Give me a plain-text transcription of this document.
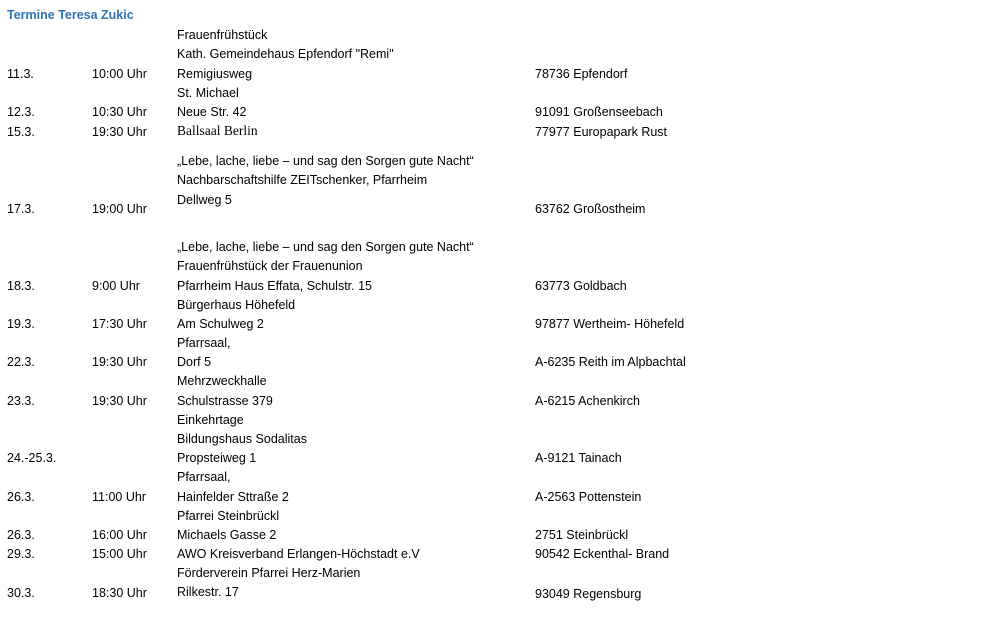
Termine Teresa Zukic
Frauenfrühstück
Kath. Gemeindehaus Epfendorf "Remi"
11.3.	10:00 Uhr Remigiusweg	78736 Epfendorf
St. Michael
12.3.	10:30 Uhr Neue Str. 42	91091 Großenseebach
15.3.	19:30 Uhr Ballsaal Berlin	77977 Europapark Rust
„Lebe, lache, liebe – und sag den Sorgen gute Nacht“
Nachbarschaftshilfe ZEITschenker, Pfarrheim
Dellweg 5
17.3.	19:00 Uhr	63762 Großostheim
„Lebe, lache, liebe – und sag den Sorgen gute Nacht“
Frauenfrühstück der Frauenunion
18.3.	9:00 Uhr	Pfarrheim Haus Effata, Schulstr. 15	63773 Goldbach
Bürgerhaus Höhefeld
19.3.	17:30 Uhr Am Schulweg 2	97877 Wertheim- Höhefeld
Pfarrsaal,
22.3.	19:30 Uhr Dorf 5	A-6235 Reith im Alpbachtal
Mehrzweckhalle
23.3.	19:30 Uhr Schulstrasse 379	A-6215 Achenkirch
Einkehrtage
Bildungshaus Sodalitas
24.-25.3.	Propsteiweg 1	A-9121 Tainach
Pfarrsaal,
26.3.	11:00 Uhr Hainfelder Sttraße 2	A-2563 Pottenstein
Pfarrei Steinbrückl
26.3.	16:00 Uhr Michaels Gasse 2	2751 Steinbrückl
29.3.	15:00 Uhr AWO Kreisverband Erlangen-Höchstadt e.V	90542 Eckenthal- Brand
Förderverein Pfarrei Herz-Marien
30.3.	18:30 Uhr Rilkestr. 17	93049 Regensburg
